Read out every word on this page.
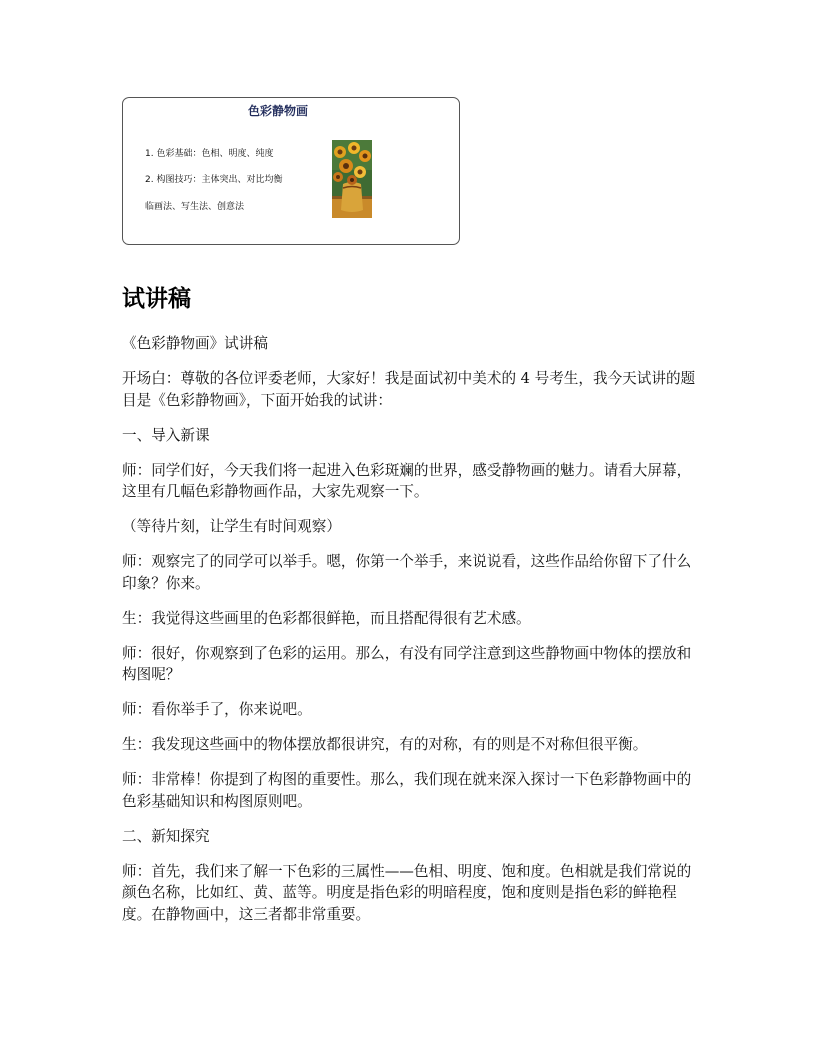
色彩静物画
1. 色彩基础：色相、明度、纯度
2. 构图技巧：主体突出、对比均衡
临画法、写生法、创意法
试讲稿

《色彩静物画》试讲稿

开场白：尊敬的各位评委老师，大家好！我是面试初中美术的 4 号考生，我今天试讲的题目是《色彩静物画》，下面开始我的试讲：

一、导入新课

师：同学们好，今天我们将一起进入色彩斑斓的世界，感受静物画的魅力。请看大屏幕，这里有几幅色彩静物画作品，大家先观察一下。

（等待片刻，让学生有时间观察）

师：观察完了的同学可以举手。嗯，你第一个举手，来说说看，这些作品给你留下了什么印象？你来。

生：我觉得这些画里的色彩都很鲜艳，而且搭配得很有艺术感。

师：很好，你观察到了色彩的运用。那么，有没有同学注意到这些静物画中物体的摆放和构图呢？

师：看你举手了，你来说吧。

生：我发现这些画中的物体摆放都很讲究，有的对称，有的则是不对称但很平衡。

师：非常棒！你提到了构图的重要性。那么，我们现在就来深入探讨一下色彩静物画中的色彩基础知识和构图原则吧。

二、新知探究

师：首先，我们来了解一下色彩的三属性——色相、明度、饱和度。色相就是我们常说的颜色名称，比如红、黄、蓝等。明度是指色彩的明暗程度，饱和度则是指色彩的鲜艳程度。在静物画中，这三者都非常重要。
